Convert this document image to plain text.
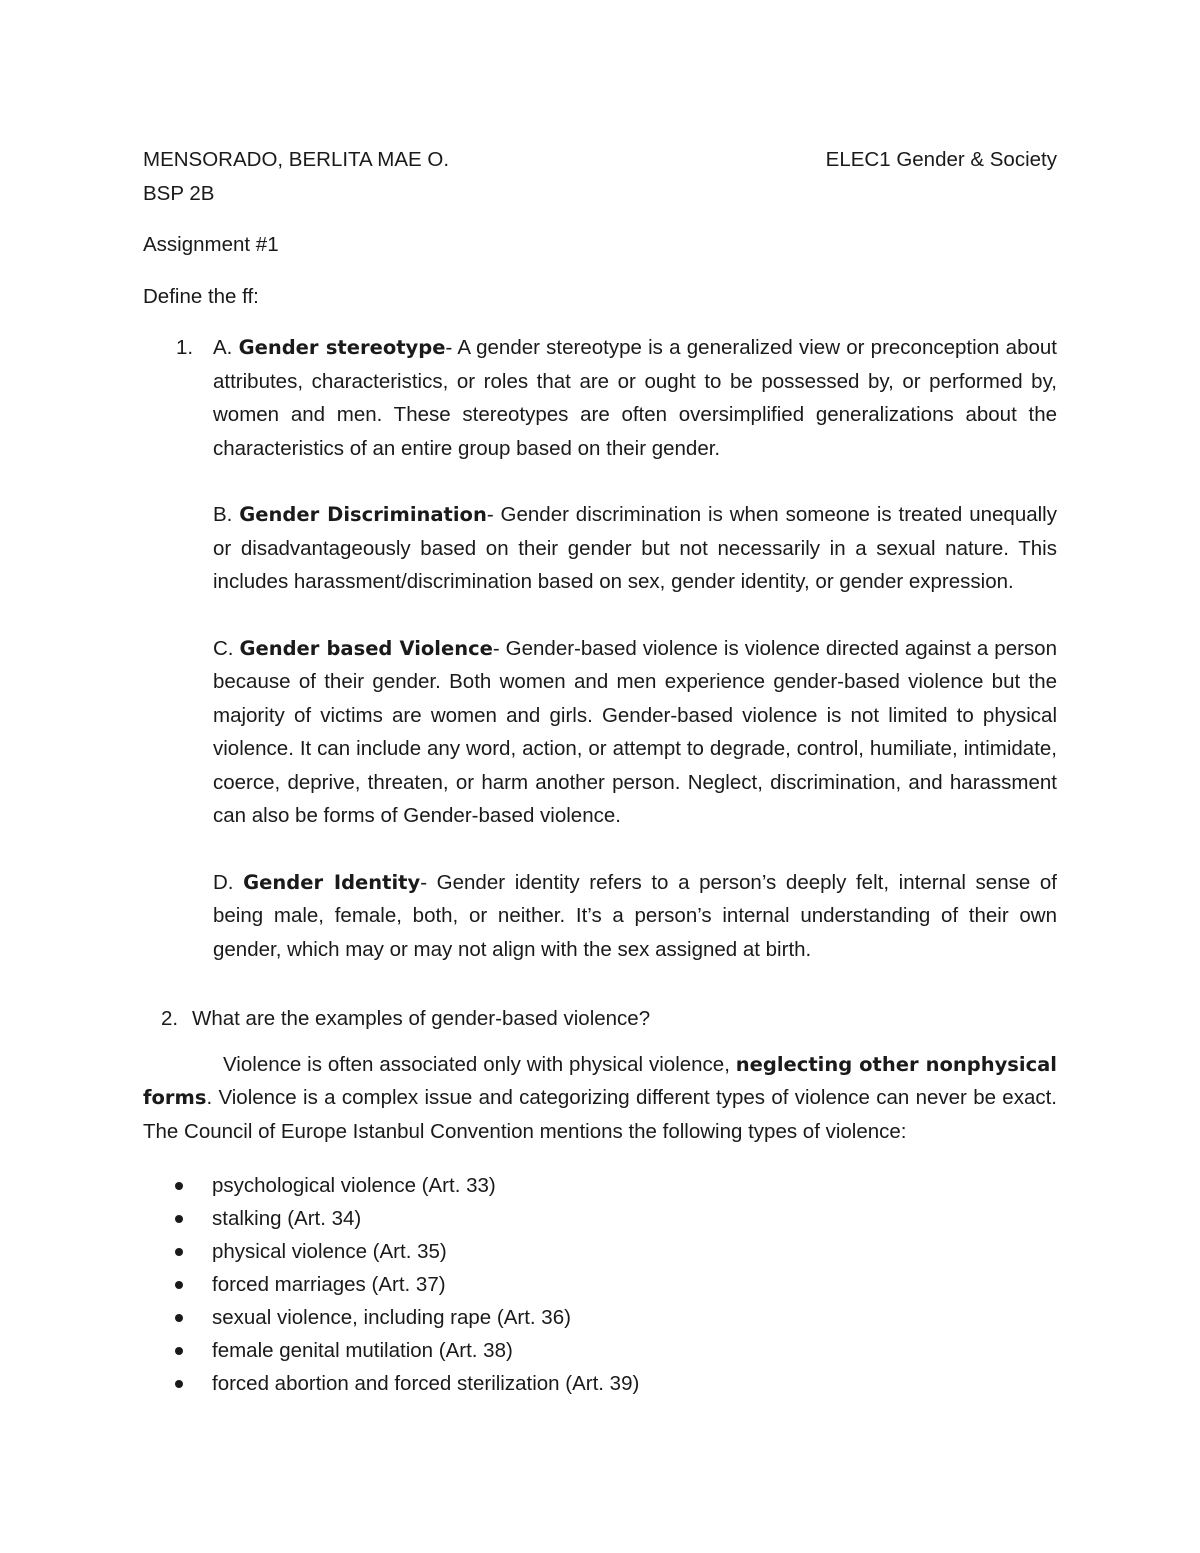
MENSORADO, BERLITA MAE O.	ELEC1 Gender & Society

BSP 2B

Assignment #1

Define the ff:

1. A. Gender stereotype- A gender stereotype is a generalized view or preconception about attributes, characteristics, or roles that are or ought to be possessed by, or performed by, women and men. These stereotypes are often oversimplified generalizations about the characteristics of an entire group based on their gender.

B. Gender Discrimination- Gender discrimination is when someone is treated unequally or disadvantageously based on their gender but not necessarily in a sexual nature. This includes harassment/discrimination based on sex, gender identity, or gender expression.

C. Gender based Violence- Gender-based violence is violence directed against a person because of their gender. Both women and men experience gender-based violence but the majority of victims are women and girls. Gender-based violence is not limited to physical violence. It can include any word, action, or attempt to degrade, control, humiliate, intimidate, coerce, deprive, threaten, or harm another person. Neglect, discrimination, and harassment can also be forms of Gender-based violence.

D. Gender Identity- Gender identity refers to a person’s deeply felt, internal sense of being male, female, both, or neither. It’s a person’s internal understanding of their own gender, which may or may not align with the sex assigned at birth.

2. What are the examples of gender-based violence?

Violence is often associated only with physical violence, neglecting other nonphysical forms. Violence is a complex issue and categorizing different types of violence can never be exact. The Council of Europe Istanbul Convention mentions the following types of violence:

psychological violence (Art. 33)
stalking (Art. 34)
physical violence (Art. 35)
forced marriages (Art. 37)
sexual violence, including rape (Art. 36)
female genital mutilation (Art. 38)
forced abortion and forced sterilization (Art. 39)
